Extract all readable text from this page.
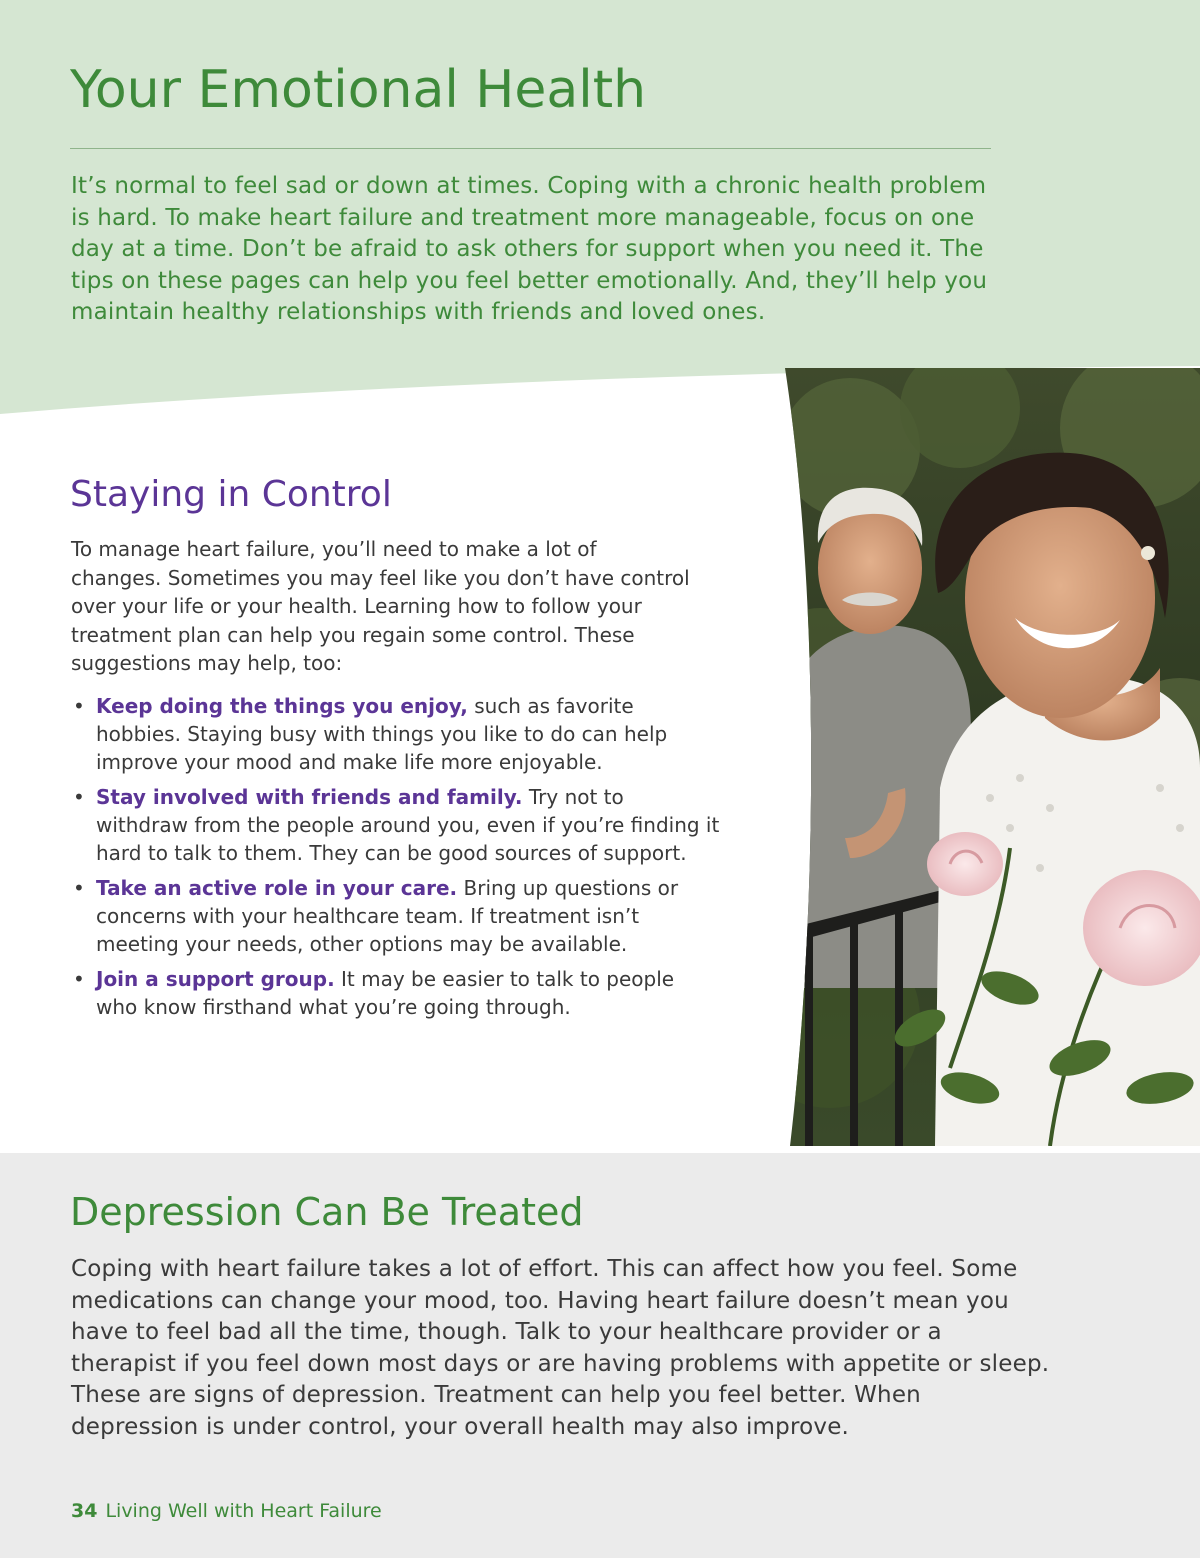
Your Emotional Health

It’s normal to feel sad or down at times. Coping with a chronic health problem is hard. To make heart failure and treatment more manageable, focus on one day at a time. Don’t be afraid to ask others for support when you need it. The tips on these pages can help you feel better emotionally. And, they’ll help you maintain healthy relationships with friends and loved ones.

Staying in Control

To manage heart failure, you’ll need to make a lot of changes. Sometimes you may feel like you don’t have control over your life or your health. Learning how to follow your treatment plan can help you regain some control. These suggestions may help, too:

• Keep doing the things you enjoy, such as favorite hobbies. Staying busy with things you like to do can help improve your mood and make life more enjoyable.
• Stay involved with friends and family. Try not to withdraw from the people around you, even if you’re finding it hard to talk to them. They can be good sources of support.
• Take an active role in your care. Bring up questions or concerns with your healthcare team. If treatment isn’t meeting your needs, other options may be available.
• Join a support group. It may be easier to talk to people who know firsthand what you’re going through.
Depression Can Be Treated

Coping with heart failure takes a lot of effort. This can affect how you feel. Some medications can change your mood, too. Having heart failure doesn’t mean you have to feel bad all the time, though. Talk to your healthcare provider or a therapist if you feel down most days or are having problems with appetite or sleep. These are signs of depression. Treatment can help you feel better. When depression is under control, your overall health may also improve.

34 Living Well with Heart Failure
